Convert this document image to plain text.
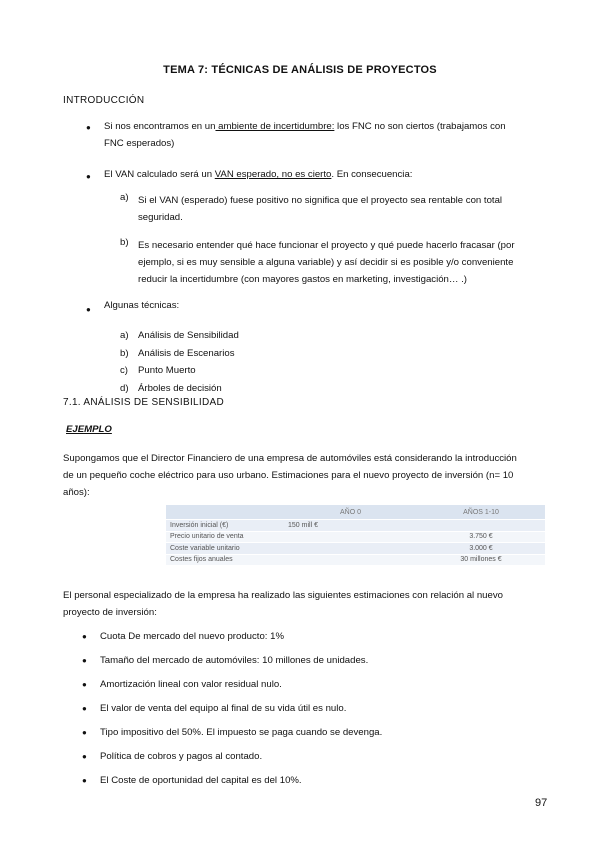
TEMA 7: TÉCNICAS DE ANÁLISIS DE PROYECTOS
INTRODUCCIÓN
● Si nos encontramos en un ambiente de incertidumbre: los FNC no son ciertos (trabajamos con
FNC esperados)
● El VAN calculado será un VAN esperado, no es cierto. En consecuencia:
a) Si el VAN (esperado) fuese positivo no significa que el proyecto sea rentable con total
seguridad.
b) Es necesario entender qué hace funcionar el proyecto y qué puede hacerlo fracasar (por
ejemplo, si es muy sensible a alguna variable) y así decidir si es posible y/o conveniente
reducir la incertidumbre (con mayores gastos en marketing, investigación… .)
● Algunas técnicas:
a) Análisis de Sensibilidad
b) Análisis de Escenarios
c) Punto Muerto
d) Árboles de decisión
7.1. ANÁLISIS DE SENSIBILIDAD
EJEMPLO
Supongamos que el Director Financiero de una empresa de automóviles está considerando la introducción
de un pequeño coche eléctrico para uso urbano. Estimaciones para el nuevo proyecto de inversión (n= 10
años):
	AÑO 0	AÑOS 1-10
Inversión inicial (€)	150 mill €	
Precio unitario de venta		3.750 €
Coste variable unitario		3.000 €
Costes fijos anuales		30 millones €
El personal especializado de la empresa ha realizado las siguientes estimaciones con relación al nuevo
proyecto de inversión:
● Cuota De mercado del nuevo producto: 1%
● Tamaño del mercado de automóviles: 10 millones de unidades.
● Amortización lineal con valor residual nulo.
● El valor de venta del equipo al final de su vida útil es nulo.
● Tipo impositivo del 50%. El impuesto se paga cuando se devenga.
● Política de cobros y pagos al contado.
● El Coste de oportunidad del capital es del 10%.
97
